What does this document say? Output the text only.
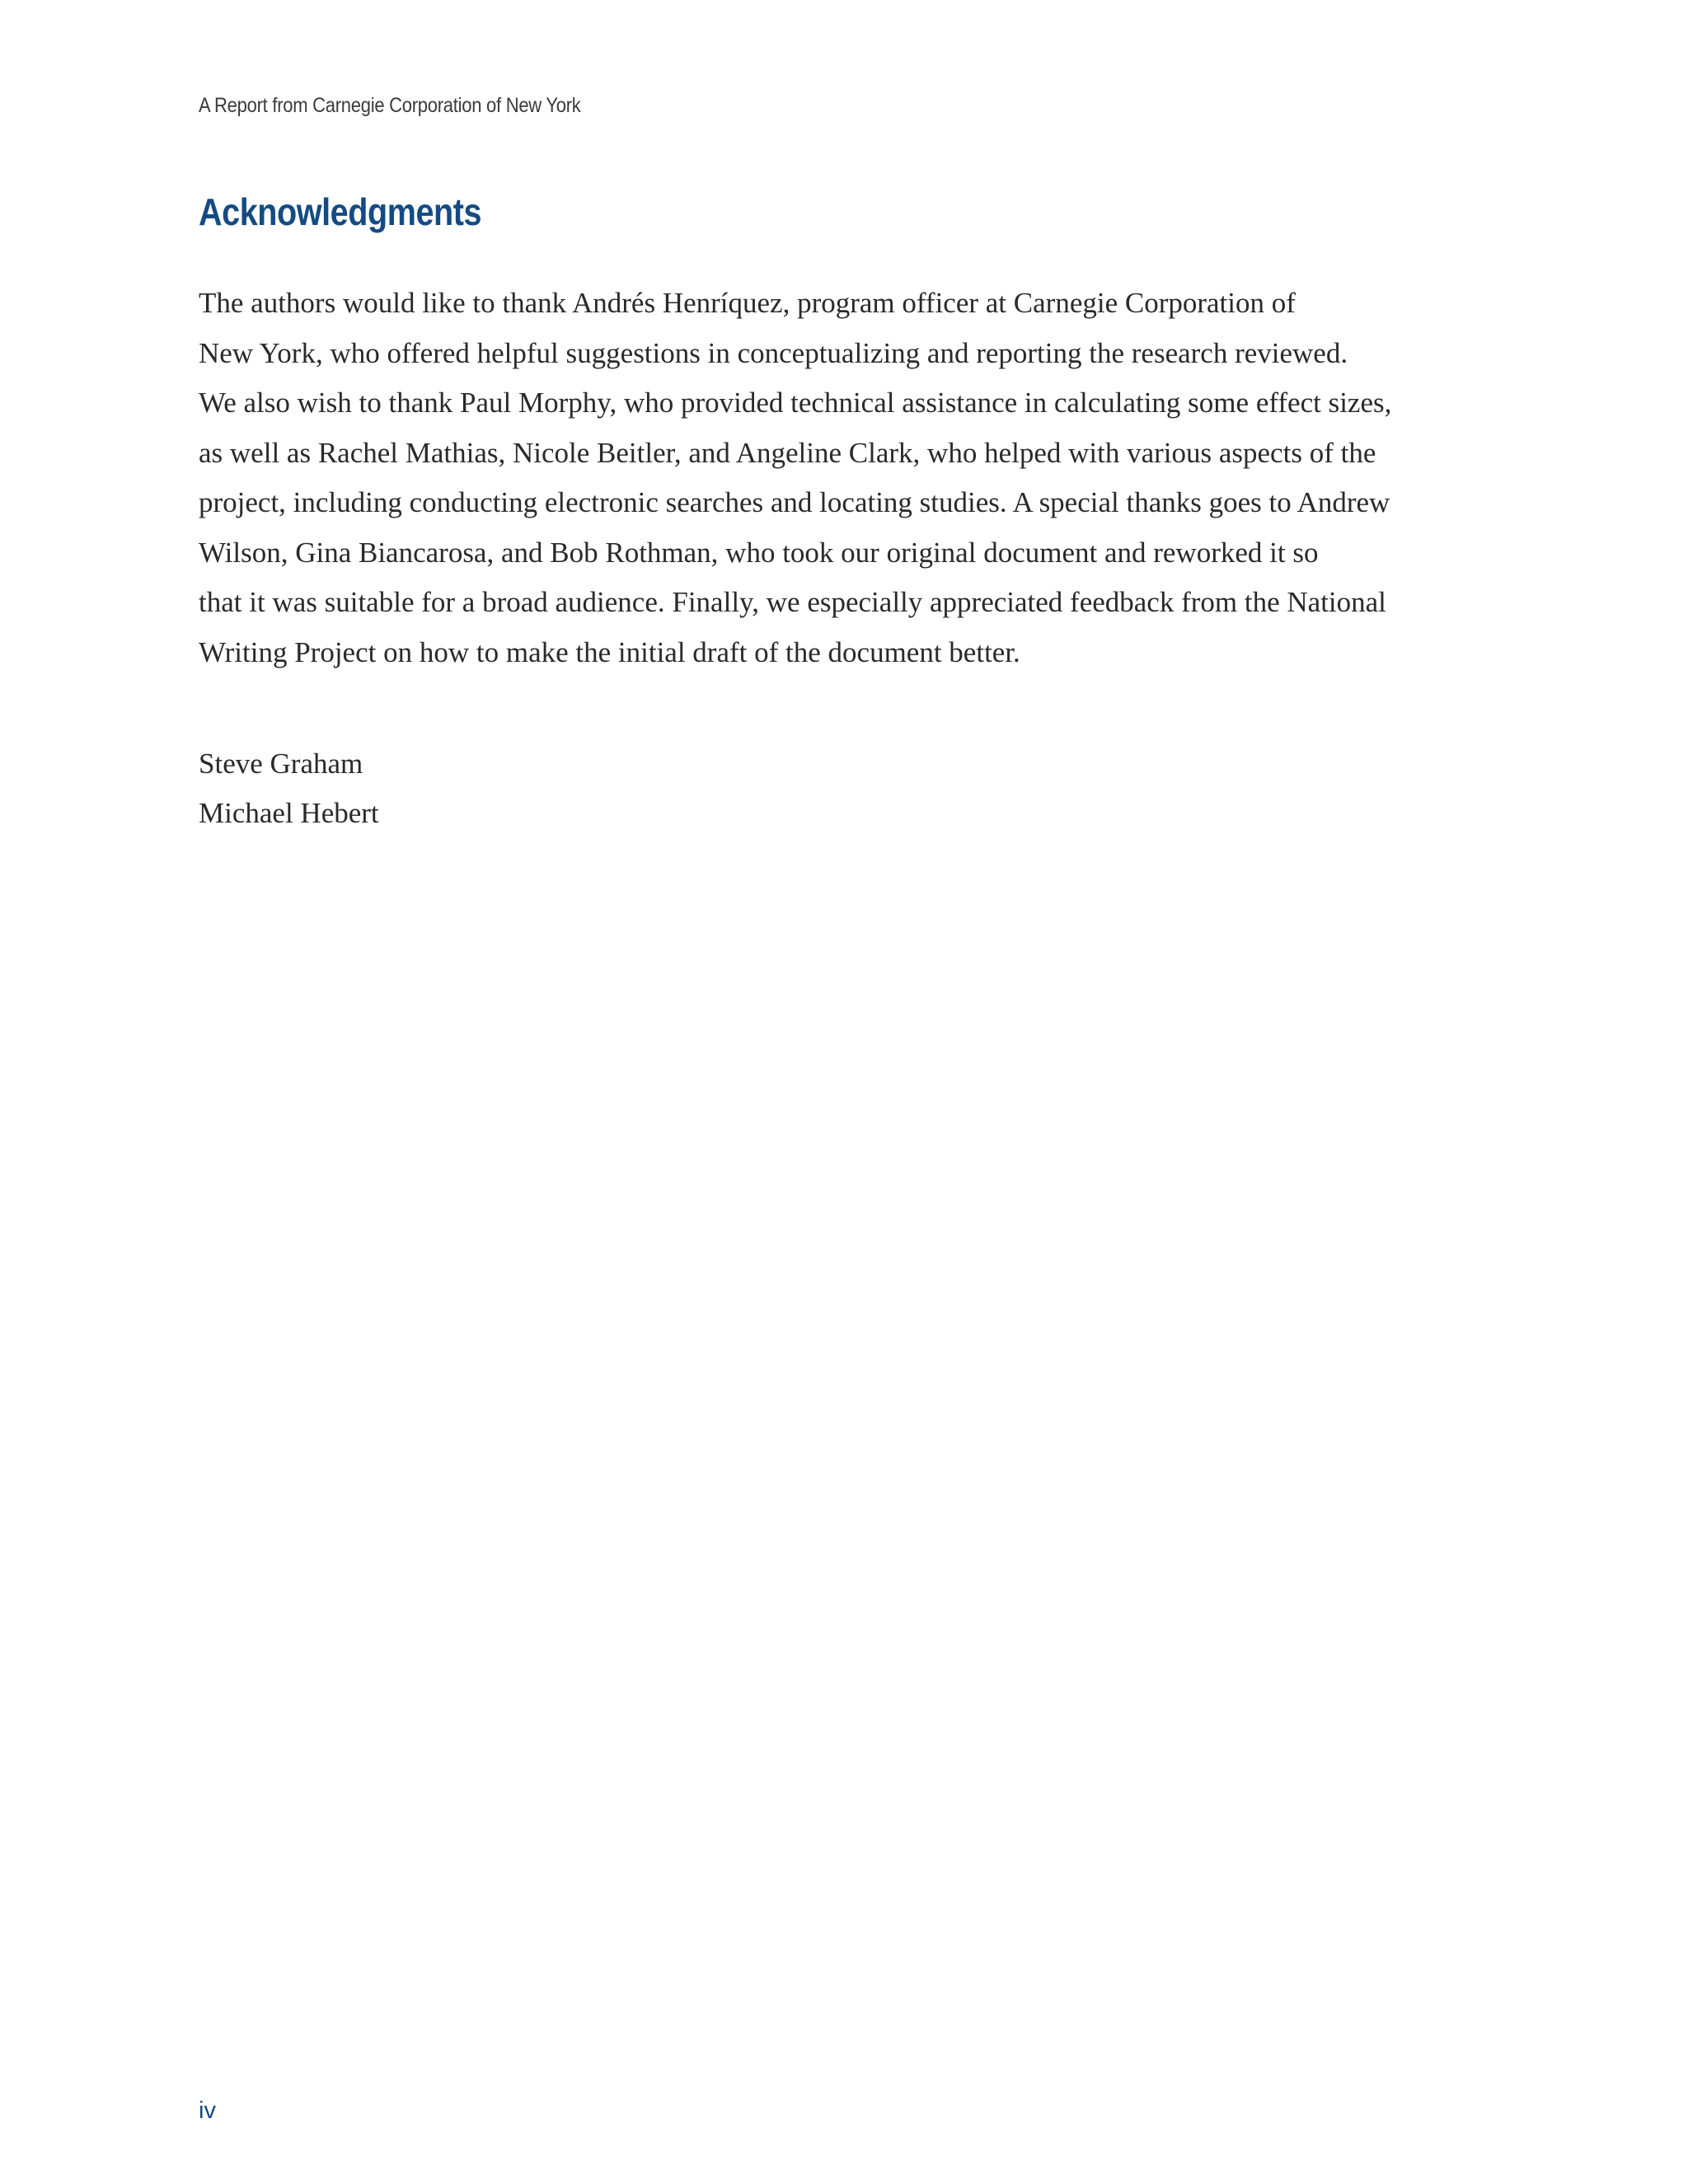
A Report from Carnegie Corporation of New York
Acknowledgments

The authors would like to thank Andrés Henríquez, program officer at Carnegie Corporation of
New York, who offered helpful suggestions in conceptualizing and reporting the research reviewed.
We also wish to thank Paul Morphy, who provided technical assistance in calculating some effect sizes,
as well as Rachel Mathias, Nicole Beitler, and Angeline Clark, who helped with various aspects of the
project, including conducting electronic searches and locating studies. A special thanks goes to Andrew
Wilson, Gina Biancarosa, and Bob Rothman, who took our original document and reworked it so
that it was suitable for a broad audience. Finally, we especially appreciated feedback from the National
Writing Project on how to make the initial draft of the document better.

Steve Graham
Michael Hebert
iv
